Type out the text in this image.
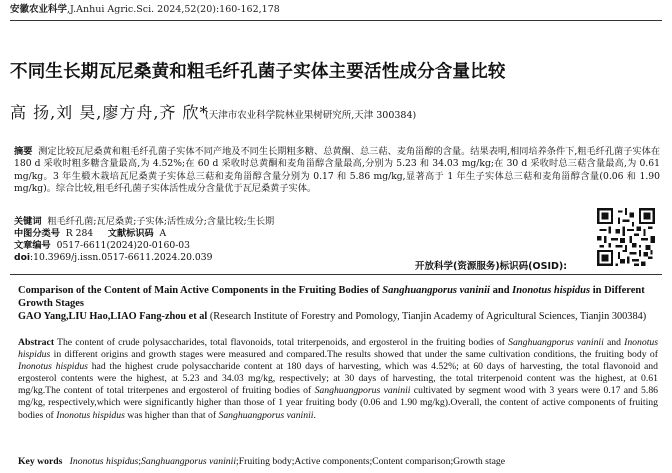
安徽农业科学,J.Anhui Agric.Sci. 2024,52(20):160-162,178
不同生长期瓦尼桑黄和粗毛纤孔菌子实体主要活性成分含量比较
高 扬,刘 昊,廖方舟,齐 欣*
(天津市农业科学院林业果树研究所,天津 300384)
摘要 测定比较瓦尼桑黄和粗毛纤孔菌子实体不同产地及不同生长期粗多糖、总黄酮、总三萜、麦角甾醇的含量。结果表明,相同培养条件下,粗毛纤孔菌子实体在 180 d 采收时粗多糖含量最高,为 4.52%;在 60 d 采收时总黄酮和麦角甾醇含量最高,分别为 5.23 和 34.03 mg/kg;在 30 d 采收时总三萜含量最高,为 0.61 mg/kg。3 年生椴木栽培瓦尼桑黄子实体总三萜和麦角甾醇含量分别为 0.17 和 5.86 mg/kg,显著高于 1 年生子实体总三萜和麦角甾醇含量(0.06 和 1.90 mg/kg)。综合比较,粗毛纤孔菌子实体活性成分含量优于瓦尼桑黄子实体。
关键词 粗毛纤孔菌;瓦尼桑黄;子实体;活性成分;含量比较;生长期
中图分类号 R 284 文献标识码 A
文章编号 0517-6611(2024)20-0160-03
doi:10.3969/j.issn.0517-6611.2024.20.039
开放科学(资源服务)标识码(OSID):
Comparison of the Content of Main Active Components in the Fruiting Bodies of Sanghuangporus vaninii and Inonotus hispidus in Different Growth Stages
GAO Yang,LIU Hao,LIAO Fang-zhou et al (Research Institute of Forestry and Pomology, Tianjin Academy of Agricultural Sciences, Tianjin 300384)
Abstract The content of crude polysaccharides, total flavonoids, total triterpenoids, and ergosterol in the fruiting bodies of Sanghuangporus vaninii and Inonotus hispidus in different origins and growth stages were measured and compared.The results showed that under the same cultivation conditions, the fruiting body of Inonotus hispidus had the highest crude polysaccharide content at 180 days of harvesting, which was 4.52%; at 60 days of harvesting, the total flavonoid and ergosterol contents were the highest, at 5.23 and 34.03 mg/kg, respectively; at 30 days of harvesting, the total triterpenoid content was the highest, at 0.61 mg/kg.The content of total triterpenes and ergosterol of fruiting bodies of Sanghuangporus vaninii cultivated by segment wood with 3 years were 0.17 and 5.86 mg/kg, respectively,which were significantly higher than those of 1 year fruiting body (0.06 and 1.90 mg/kg).Overall, the content of active components of fruiting bodies of Inonotus hispidus was higher than that of Sanghuangporus vaninii.
Key words Inonotus hispidus;Sanghuangporus vaninii;Fruiting body;Active components;Content comparison;Growth stage
